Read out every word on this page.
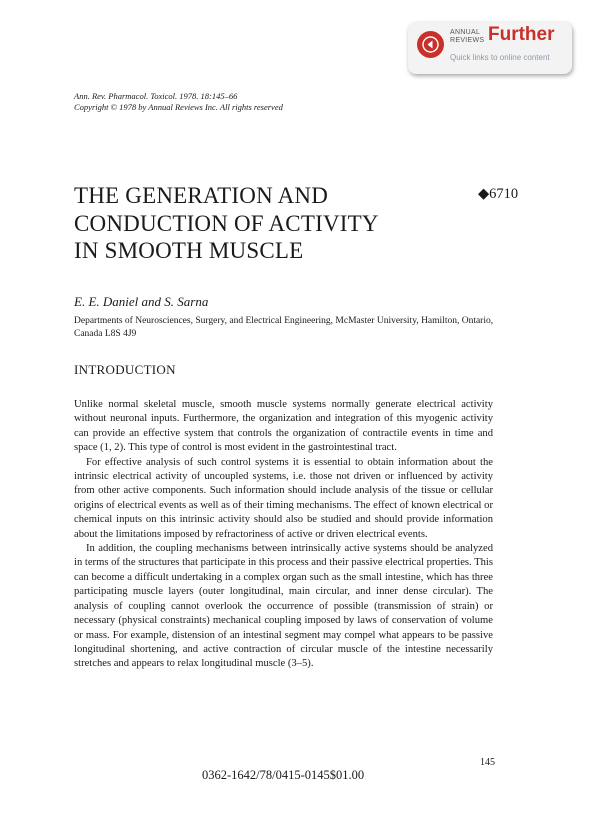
ANNUAL
REVIEWS Further
Quick links to online content
Ann. Rev. Pharmacol. Toxicol. 1978. 18:145–66
Copyright © 1978 by Annual Reviews Inc. All rights reserved
THE GENERATION AND
CONDUCTION OF ACTIVITY
IN SMOOTH MUSCLE
◆6710
E. E. Daniel and S. Sarna
Departments of Neurosciences, Surgery, and Electrical Engineering, McMaster University, Hamilton, Ontario, Canada L8S 4J9
INTRODUCTION

Unlike normal skeletal muscle, smooth muscle systems normally generate electrical activity without neuronal inputs. Furthermore, the organization and integration of this myogenic activity can provide an effective system that controls the organization of contractile events in time and space (1, 2). This type of control is most evident in the gastrointestinal tract.

For effective analysis of such control systems it is essential to obtain information about the intrinsic electrical activity of uncoupled systems, i.e. those not driven or influenced by activity from other active components. Such information should include analysis of the tissue or cellular origins of electrical events as well as of their timing mechanisms. The effect of known electrical or chemical inputs on this intrinsic activity should also be studied and should provide information about the limitations imposed by refractoriness of active or driven electrical events.

In addition, the coupling mechanisms between intrinsically active systems should be analyzed in terms of the structures that participate in this process and their passive electrical properties. This can become a difficult undertaking in a complex organ such as the small intestine, which has three participating muscle layers (outer longitudinal, main circular, and inner dense circular). The analysis of coupling cannot overlook the occurrence of possible (transmission of strain) or necessary (physical constraints) mechanical coupling imposed by laws of conservation of volume or mass. For example, distension of an intestinal segment may compel what appears to be passive longitudinal shortening, and active contraction of circular muscle of the intestine necessarily stretches and appears to relax longitudinal muscle (3–5).

145
0362-1642/78/0415-0145$01.00
